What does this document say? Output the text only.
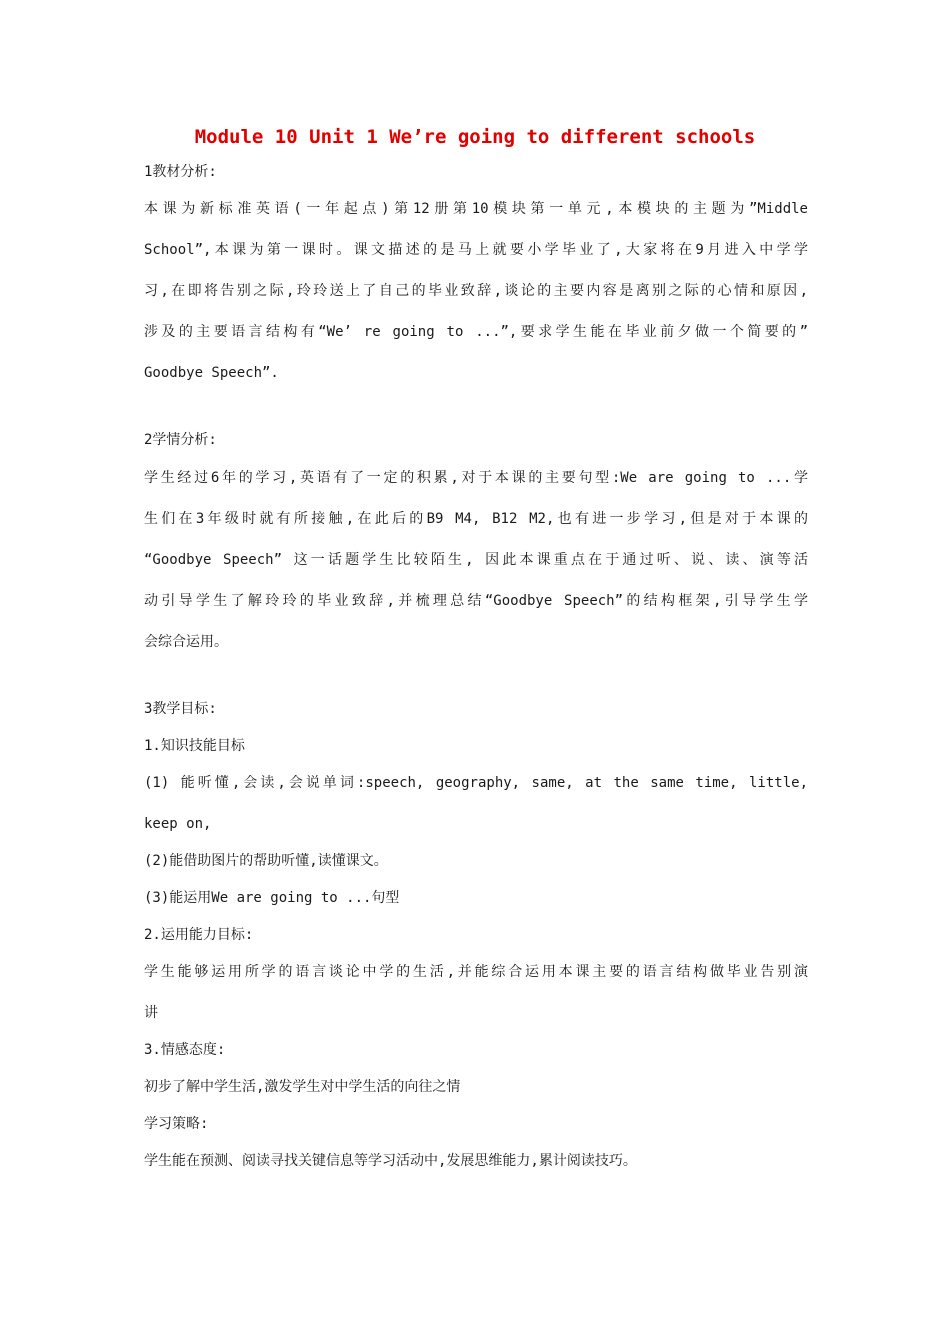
Module 10 Unit 1 We’re going to different schools
1教材分析:
本课为新标准英语(一年起点)第12册第10模块第一单元,本模块的主题为”Middle
School”,本课为第一课时。课文描述的是马上就要小学毕业了,大家将在9月进入中学学
习,在即将告别之际,玲玲送上了自己的毕业致辞,谈论的主要内容是离别之际的心情和原因,
涉及的主要语言结构有“We’ re going to ...”,要求学生能在毕业前夕做一个简要的”
Goodbye Speech”.
2学情分析:
学生经过6年的学习,英语有了一定的积累,对于本课的主要句型:We are going to ...学
生们在3年级时就有所接触,在此后的B9 M4, B12 M2,也有进一步学习,但是对于本课的
“Goodbye Speech” 这一话题学生比较陌生, 因此本课重点在于通过听、说、读、演等活
动引导学生了解玲玲的毕业致辞,并梳理总结“Goodbye Speech”的结构框架,引导学生学
会综合运用。
3教学目标:
1.知识技能目标
(1) 能听懂,会读,会说单词:speech, geography, same, at the same time, little,
keep on,
(2)能借助图片的帮助听懂,读懂课文。
(3)能运用We are going to ...句型
2.运用能力目标:
学生能够运用所学的语言谈论中学的生活,并能综合运用本课主要的语言结构做毕业告别演
讲
3.情感态度:
初步了解中学生活,激发学生对中学生活的向往之情
学习策略:
学生能在预测、阅读寻找关键信息等学习活动中,发展思维能力,累计阅读技巧。
